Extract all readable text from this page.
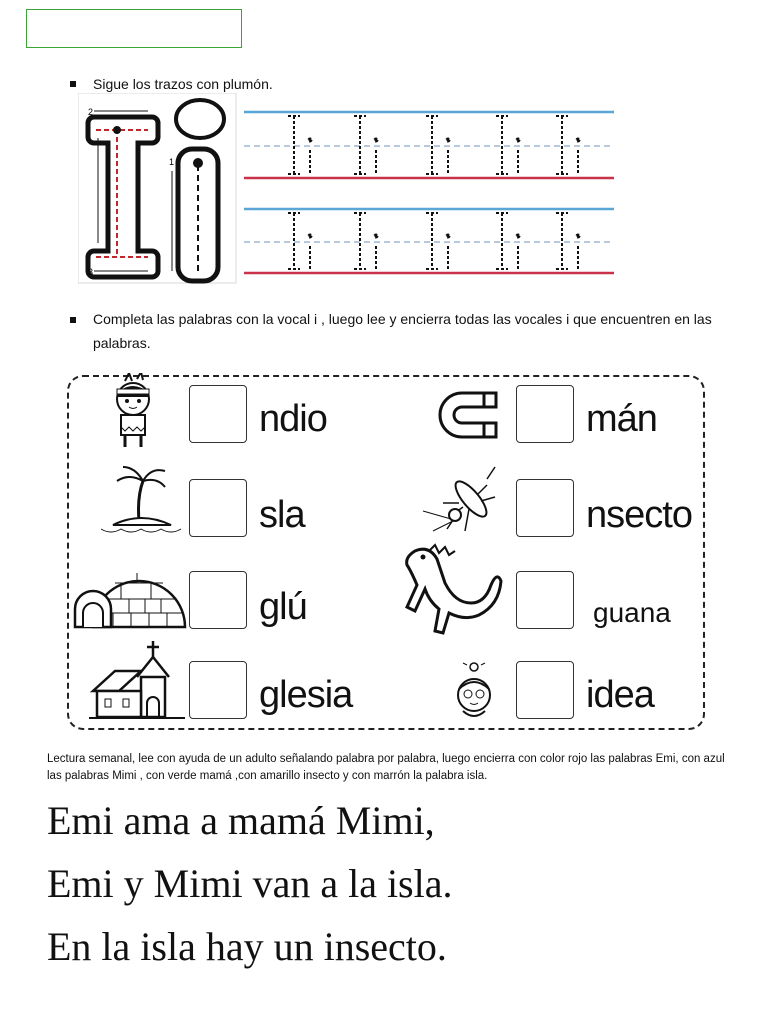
Sigue los trazos con plumón.
2
3
1
Completa las palabras con la vocal i , luego lee y encierra todas las vocales i que encuentren en las palabras.
ndio	mán
sla	nsecto
glú	guana
glesia	idea
Lectura semanal, lee con ayuda de un adulto señalando palabra por palabra, luego encierra con color rojo las palabras Emi, con azul las palabras Mimi , con verde mamá ,con amarillo insecto y con marrón la palabra isla.
Emi ama a mamá Mimi,
Emi y Mimi van a la isla.
En la isla hay un insecto.
